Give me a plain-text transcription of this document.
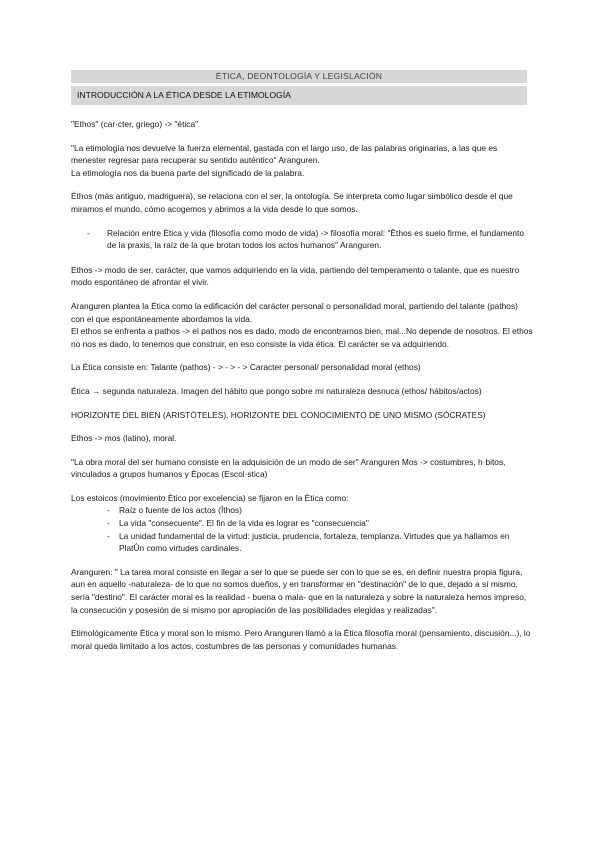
ÉTICA, DEONTOLOGÍA Y LEGISLACIÓN
INTRODUCCIÓN A LA ÉTICA DESDE LA ETIMOLOGÍA

"Ethos" (car·cter, griego) -> "ética"

"La etimología nos devuelve la fuerza elemental, gastada con el largo uso, de las palabras originarias, a las que es menester regresar para recuperar su sentido auténtico" Aranguren.

La etimología nos da buena parte del significado de la palabra.

Éthos (más antiguo, madriguera), se relaciona con el ser, la ontología. Se interpreta como lugar simbólico desde el que miramos el mundo, cómo acogemos y abrimos a la vida desde lo que somos.

- Relación entre Ètica y vida (filosofía como modo de vida) -> filosofía moral: "Êthos es suelo firme, el fundamento de la praxis, la raíz de la que brotan todos los actos humanos" Aranguren.

Ethos -> modo de ser, carácter, que vamos adquiriendo en la vida, partiendo del temperamento o talante, que es nuestro modo espontáneo de afrontar el vivir.

Aranguren plantea la Ética como la edificación del carácter personal o personalidad moral, partiendo del talante (pathos) con el que espontáneamente abordamos la vida.

El ethos se enfrenta a pathos -> el pathos nos es dado, modo de encontrarnos bien, mal...No depende de nosotros. El ethos no nos es dado, lo tenemos que construir, en eso consiste la vida ética. El carácter se va adquiriendo.

La Ética consiste en: Talante (pathos) - > - > - > Caracter personal/ personalidad moral (ethos)

Ética → segunda naturaleza. Imagen del hábito que pongo sobre mi naturaleza desnuca (ethos/ hábitos/actos)

HORIZONTE DEL BIEN (ARISTÓTELES). HORIZONTE DEL CONOCIMIENTO DE UNO MISMO (SÓCRATES)

Ethos -> mos (latino), moral.

"La obra moral del ser humano consiste en la adquisición de un modo de ser" Aranguren Mos -> costumbres, h·bitos, vinculados a grupos humanos y Èpocas (Escol·stica)

Los estoicos (movimiento Ètico por excelencia) se fijaron en la Ètica como:

- Raíz o fuente de los actos (Îthos)
- La vida "consecuente". El fin de la vida es lograr es "consecuencia"
- La unidad fundamental de la virtud: justicia, prudencia, fortaleza, templanza. Virtudes que ya hallamos en PlatÛn como virtudes cardinales.

Aranguren: " La tarea moral consiste en llegar a ser lo que se puede ser con lo que se es, en definir nuestra propia figura, aun en aquello -naturaleza- de lo que no somos dueños, y en transformar en "destinación" de lo que, dejado a sí mismo, sería "destino". El carácter moral es la realidad - buena o mala- que en la naturaleza y sobre la naturaleza hemos impreso, la consecución y posesión de si mismo por apropiación de las posibilidades elegidas y realizadas".

Etimológicamente Ètica y moral son lo mismo. Pero Aranguren llamó a la Ètica filosofía moral (pensamiento, discusión...), lo moral queda limitado a los actos, costumbres de las personas y comunidades humanas.
